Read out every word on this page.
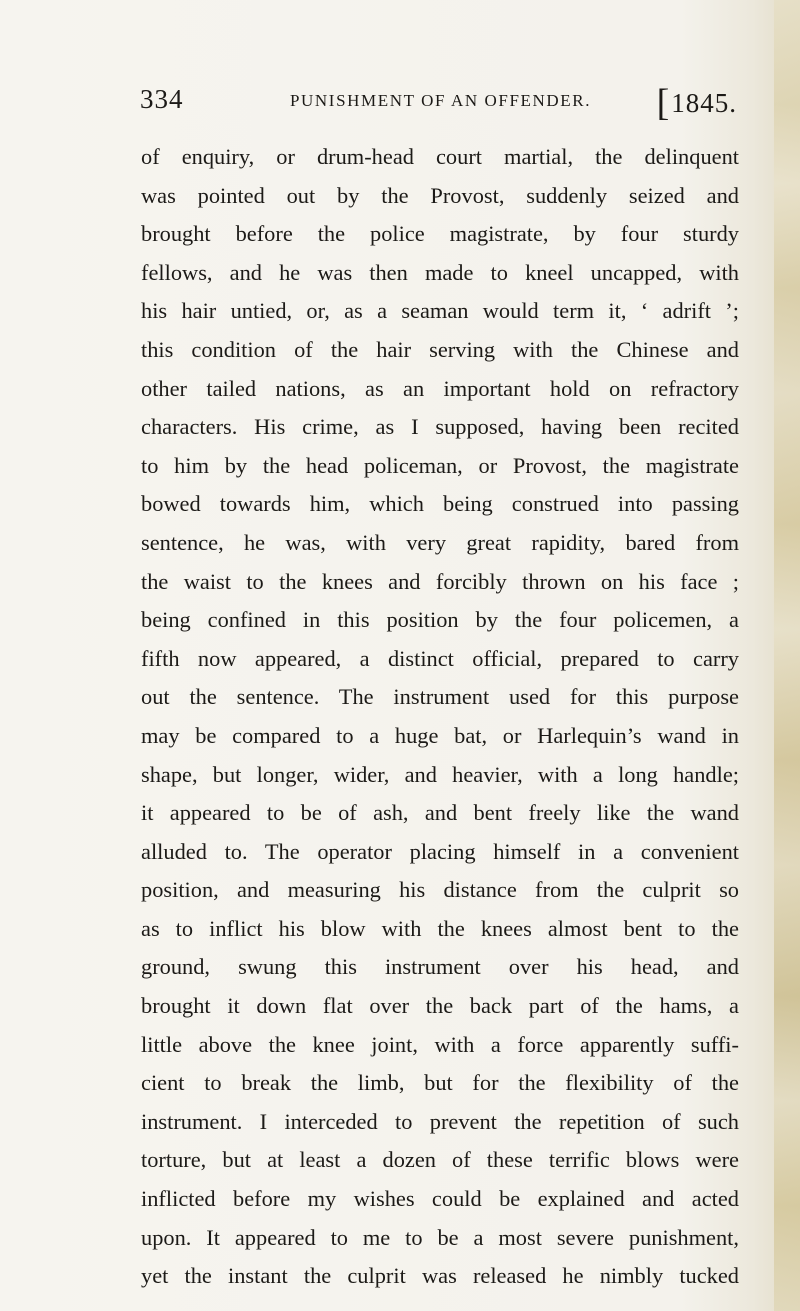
334	PUNISHMENT OF AN OFFENDER. [1845.
of enquiry, or drum-head court martial, the delinquent
was pointed out by the Provost, suddenly seized and
brought before the police magistrate, by four sturdy
fellows, and he was then made to kneel uncapped, with
his hair untied, or, as a seaman would term it, ‘ adrift ’;
this condition of the hair serving with the Chinese and
other tailed nations, as an important hold on refractory
characters. His crime, as I supposed, having been recited
to him by the head policeman, or Provost, the magistrate
bowed towards him, which being construed into passing
sentence, he was, with very great rapidity, bared from
the waist to the knees and forcibly thrown on his face ;
being confined in this position by the four policemen, a
fifth now appeared, a distinct official, prepared to carry
out the sentence. The instrument used for this purpose
may be compared to a huge bat, or Harlequin’s wand in
shape, but longer, wider, and heavier, with a long handle;
it appeared to be of ash, and bent freely like the wand
alluded to. The operator placing himself in a convenient
position, and measuring his distance from the culprit so
as to inflict his blow with the knees almost bent to the
ground, swung this instrument over his head, and
brought it down flat over the back part of the hams, a
little above the knee joint, with a force apparently suffi-
cient to break the limb, but for the flexibility of the
instrument. I interceded to prevent the repetition of such
torture, but at least a dozen of these terrific blows were
inflicted before my wishes could be explained and acted
upon. It appeared to me to be a most severe punishment,
yet the instant the culprit was released he nimbly tucked
